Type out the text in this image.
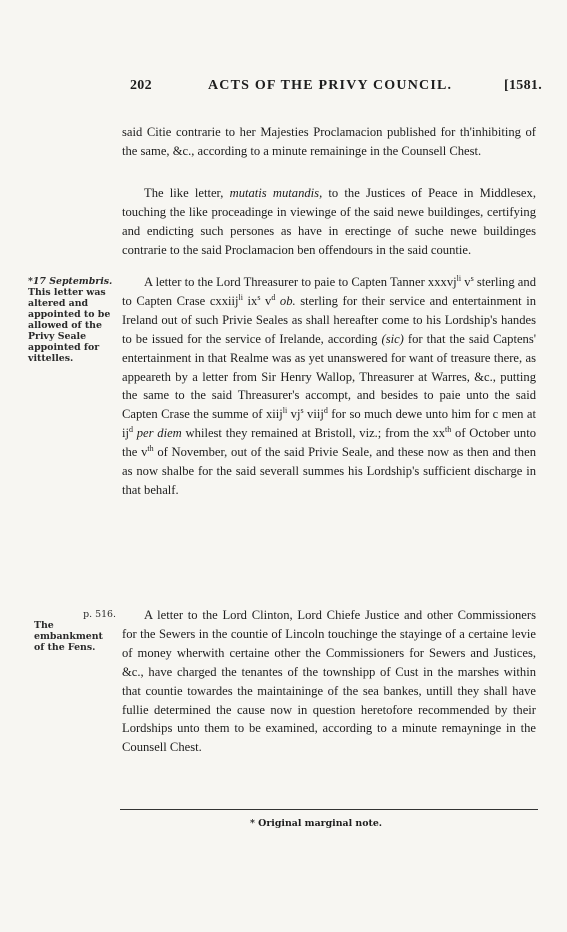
202	ACTS OF THE PRIVY COUNCIL.	[1581.

said Citie contrarie to her Majesties Proclamacion published for th'inhibiting of the same, &c., according to a minute remaininge in the Counsell Chest.

The like letter, mutatis mutandis, to the Justices of Peace in Middlesex, touching the like proceadinge in viewinge of the said newe buildinges, certifying and endicting such persones as have in erectinge of suche newe buildinges contrarie to the said Proclamacion ben offendours in the said countie.

*17 Septembris.
This letter was altered and appointed to be allowed of the Privy Seale appointed for vittelles.

A letter to the Lord Threasurer to paie to Capten Tanner xxxvj$^{li}$ $v^s$ sterling and to Capten Crase cxxiij$^{li}$ $ix^s$ $v^d$ ob. sterling for their service and entertainment in Ireland out of such Privie Seales as shall hereafter come to his Lordship's handes to be issued for the service of Irelande, according (sic) for that the said Captens' entertainment in that Realme was as yet unanswered for want of treasure there, as appeareth by a letter from Sir Henry Wallop, Threasurer at Warres, &c., putting the same to the said Threasurer's accompt, and besides to paie unto the said Capten Crase the summe of xiij$^{li}$ $vj^s$ viij$^d$ for so much dewe unto him for c men at $ij^d$ per diem whilest they remained at Bristoll, viz.; from the $xx^{th}$ of October unto the $v^{th}$ of November, out of the said Privie Seale, and these now as then and then as now shalbe for the said severall summes his Lordship's sufficient discharge in that behalf.

p. 516.
The embankment of the Fens.

A letter to the Lord Clinton, Lord Chiefe Justice and other Commissioners for the Sewers in the countie of Lincoln touchinge the stayinge of a certaine levie of money wherwith certaine other the Commissioners for Sewers and Justices, &c., have charged the tenantes of the townshipp of Cust in the marshes within that countie towardes the maintaininge of the sea bankes, untill they shall have fullie determined the cause now in question heretofore recommended by their Lordships unto them to be examined, according to a minute remayninge in the Counsell Chest.

* Original marginal note.
